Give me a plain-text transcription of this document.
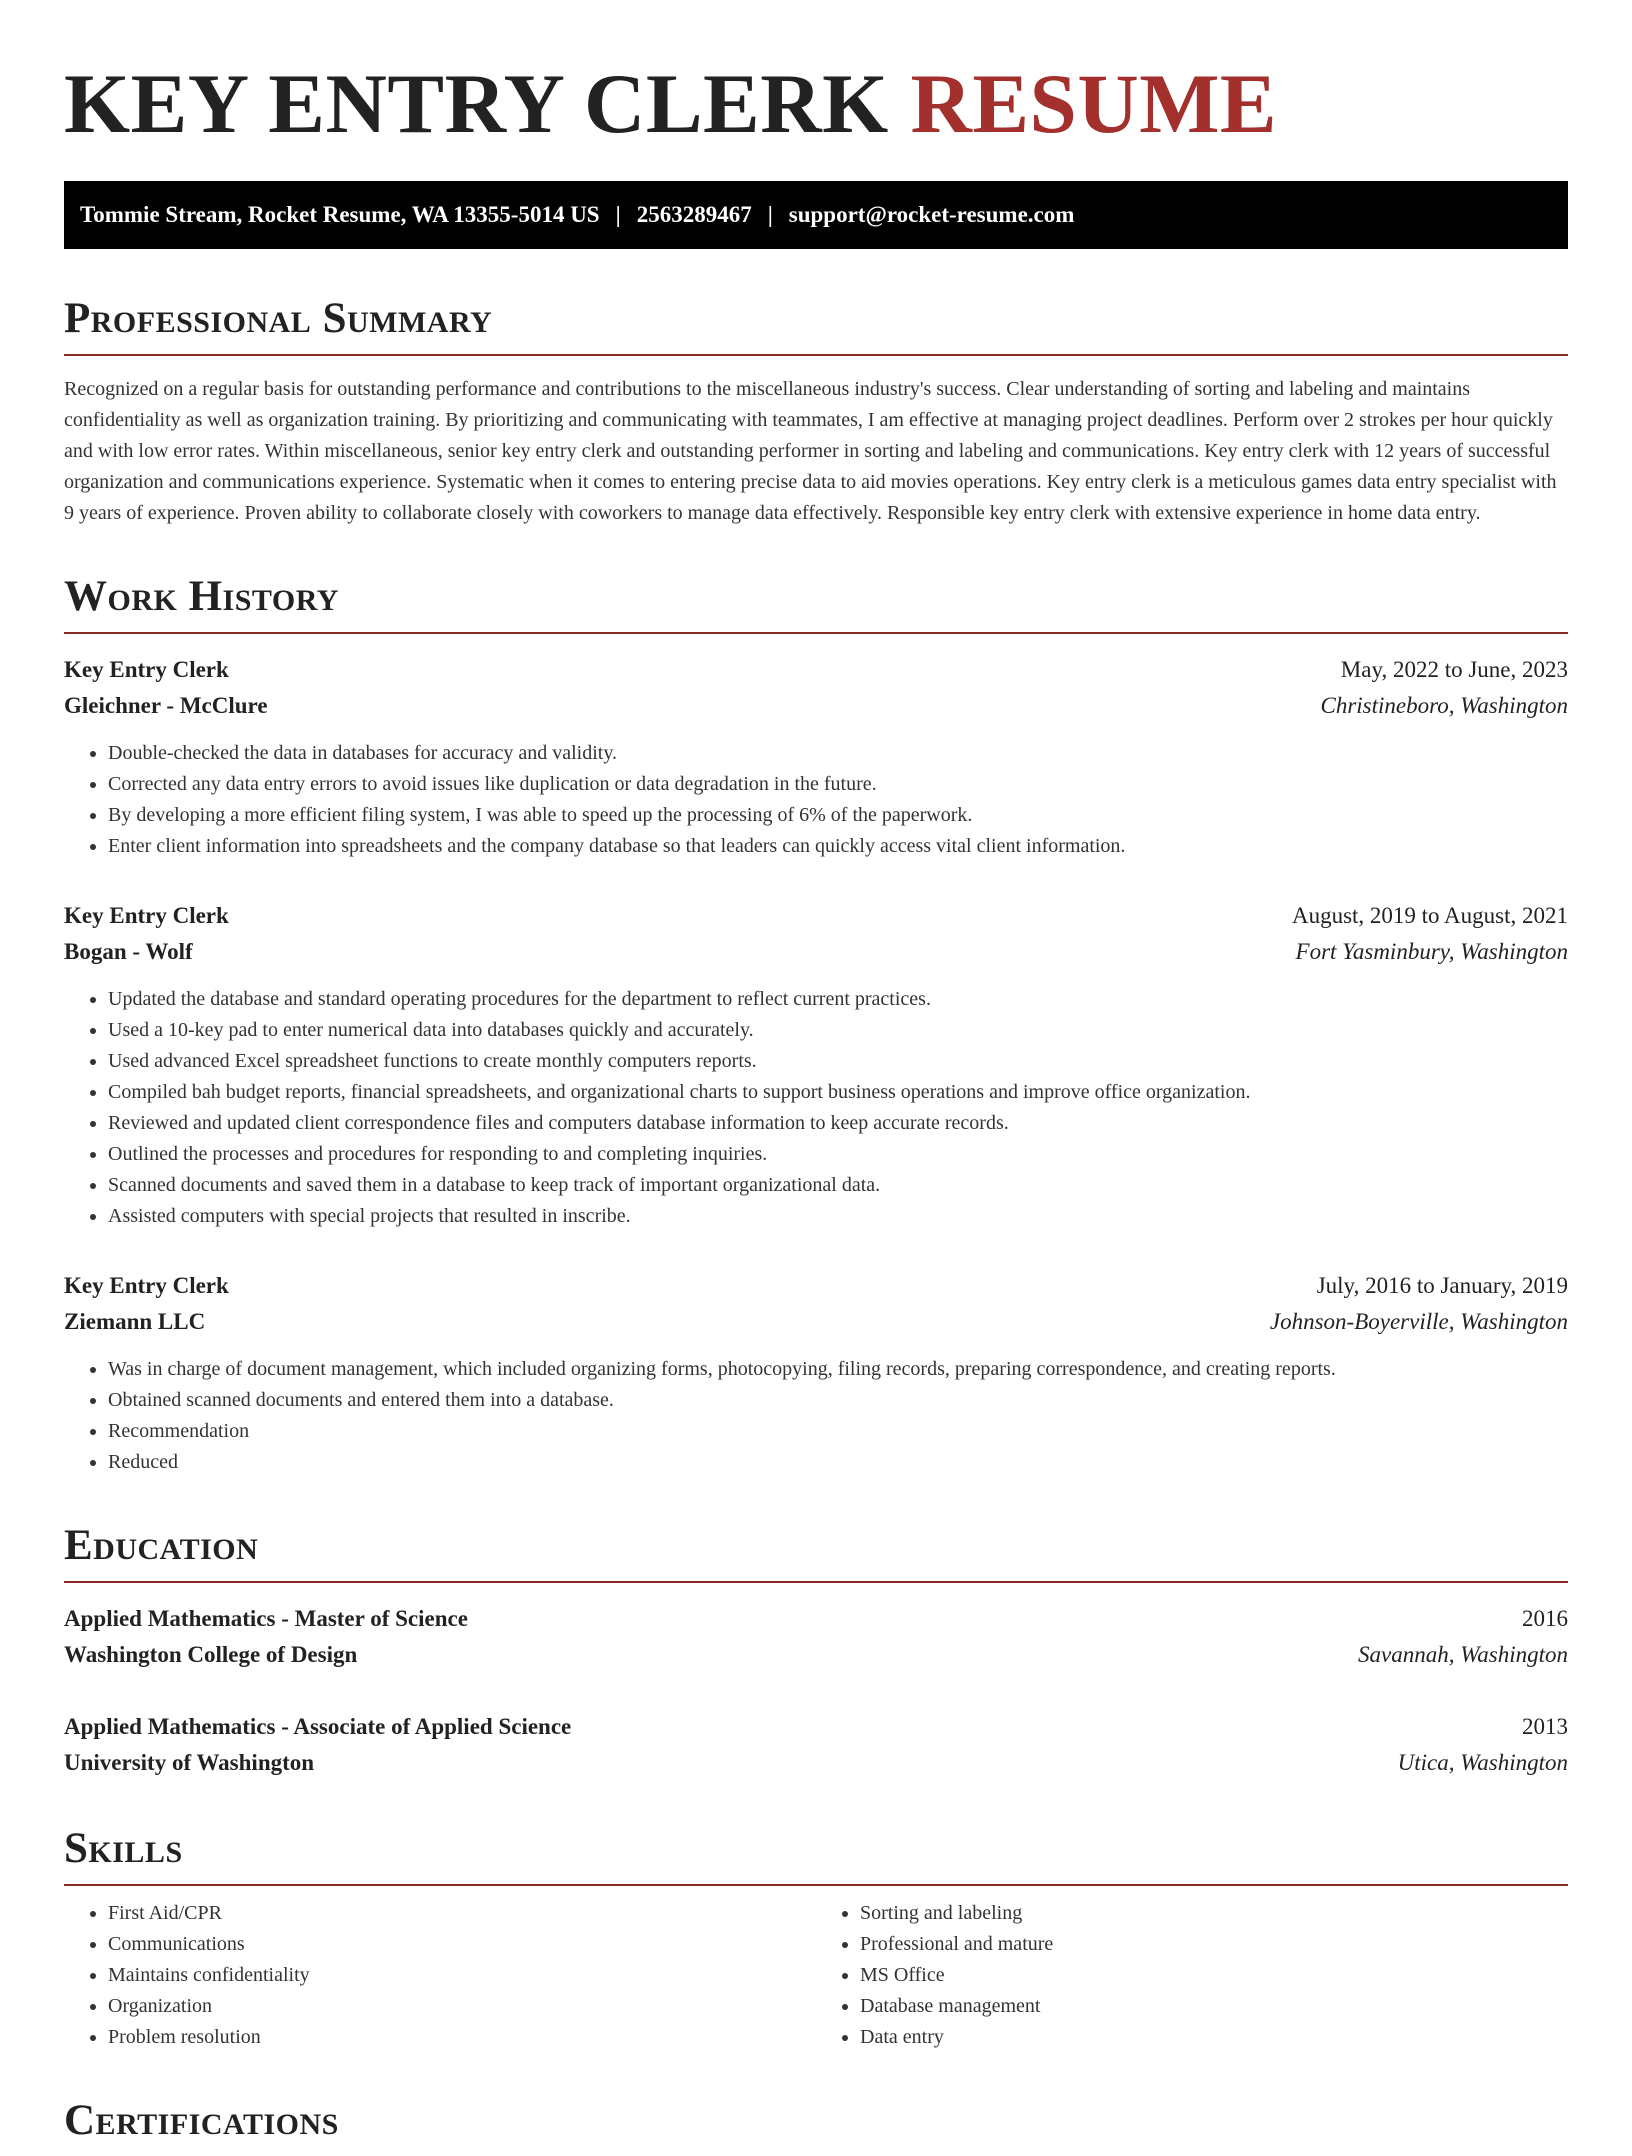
KEY ENTRY CLERK RESUME
Tommie Stream, Rocket Resume, WA 13355-5014 US | 2563289467 | support@rocket-resume.com
Professional Summary

Recognized on a regular basis for outstanding performance and contributions to the miscellaneous industry's success. Clear understanding of sorting and labeling and maintains confidentiality as well as organization training. By prioritizing and communicating with teammates, I am effective at managing project deadlines. Perform over 2 strokes per hour quickly and with low error rates. Within miscellaneous, senior key entry clerk and outstanding performer in sorting and labeling and communications. Key entry clerk with 12 years of successful organization and communications experience. Systematic when it comes to entering precise data to aid movies operations. Key entry clerk is a meticulous games data entry specialist with 9 years of experience. Proven ability to collaborate closely with coworkers to manage data effectively. Responsible key entry clerk with extensive experience in home data entry.

Work History
Key Entry Clerk	May, 2022 to June, 2023
Gleichner - McClure	Christineboro, Washington
• Double-checked the data in databases for accuracy and validity.
• Corrected any data entry errors to avoid issues like duplication or data degradation in the future.
• By developing a more efficient filing system, I was able to speed up the processing of 6% of the paperwork.
• Enter client information into spreadsheets and the company database so that leaders can quickly access vital client information.
Key Entry Clerk	August, 2019 to August, 2021
Bogan - Wolf	Fort Yasminbury, Washington
• Updated the database and standard operating procedures for the department to reflect current practices.
• Used a 10-key pad to enter numerical data into databases quickly and accurately.
• Used advanced Excel spreadsheet functions to create monthly computers reports.
• Compiled bah budget reports, financial spreadsheets, and organizational charts to support business operations and improve office organization.
• Reviewed and updated client correspondence files and computers database information to keep accurate records.
• Outlined the processes and procedures for responding to and completing inquiries.
• Scanned documents and saved them in a database to keep track of important organizational data.
• Assisted computers with special projects that resulted in inscribe.
Key Entry Clerk	July, 2016 to January, 2019
Ziemann LLC	Johnson-Boyerville, Washington
• Was in charge of document management, which included organizing forms, photocopying, filing records, preparing correspondence, and creating reports.
• Obtained scanned documents and entered them into a database.
• Recommendation
• Reduced
Education
Applied Mathematics - Master of Science	2016
Washington College of Design	Savannah, Washington
Applied Mathematics - Associate of Applied Science	2013
University of Washington	Utica, Washington
Skills
• First Aid/CPR
• Communications
• Maintains confidentiality
• Organization
• Problem resolution
• Sorting and labeling
• Professional and mature
• MS Office
• Database management
• Data entry
Certifications
